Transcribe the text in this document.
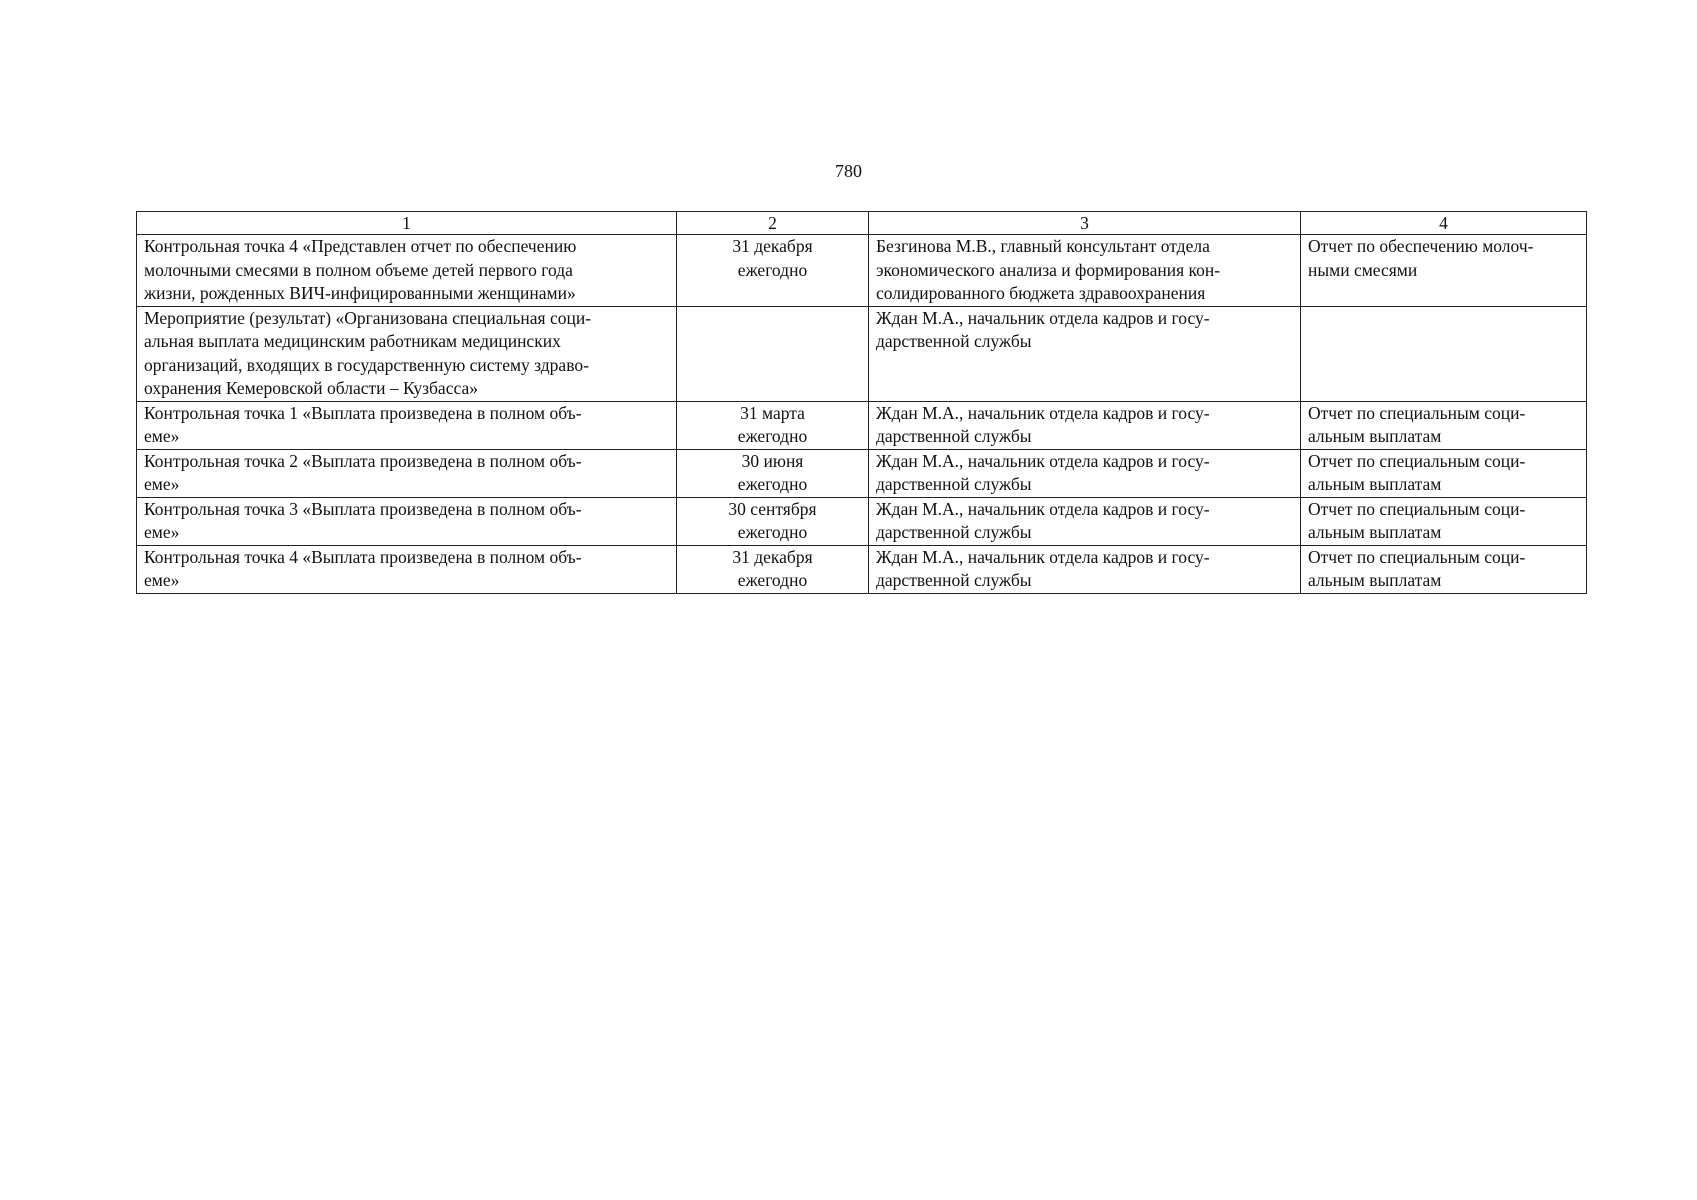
780
1	2	3	4

Контрольная точка 4 «Представлен отчет по обеспечению
молочными смесями в полном объеме детей первого года
жизни, рожденных ВИЧ-инфицированными женщинами»	31 декабря
ежегодно	Безгинова М.В., главный консультант отдела
экономического анализа и формирования кон-
солидированного бюджета здравоохранения	Отчет по обеспечению молоч-
ными смесями

Мероприятие (результат) «Организована специальная соци-
альная выплата медицинским работникам медицинских
организаций, входящих в государственную систему здраво-
охранения Кемеровской области – Кузбасса»		Ждан М.А., начальник отдела кадров и госу-
дарственной службы	

Контрольная точка 1 «Выплата произведена в полном объ-
еме»	31 марта
ежегодно	Ждан М.А., начальник отдела кадров и госу-
дарственной службы	Отчет по специальным соци-
альным выплатам

Контрольная точка 2 «Выплата произведена в полном объ-
еме»	30 июня
ежегодно	Ждан М.А., начальник отдела кадров и госу-
дарственной службы	Отчет по специальным соци-
альным выплатам

Контрольная точка 3 «Выплата произведена в полном объ-
еме»	30 сентября
ежегодно	Ждан М.А., начальник отдела кадров и госу-
дарственной службы	Отчет по специальным соци-
альным выплатам

Контрольная точка 4 «Выплата произведена в полном объ-
еме»	31 декабря
ежегодно	Ждан М.А., начальник отдела кадров и госу-
дарственной службы	Отчет по специальным соци-
альным выплатам
